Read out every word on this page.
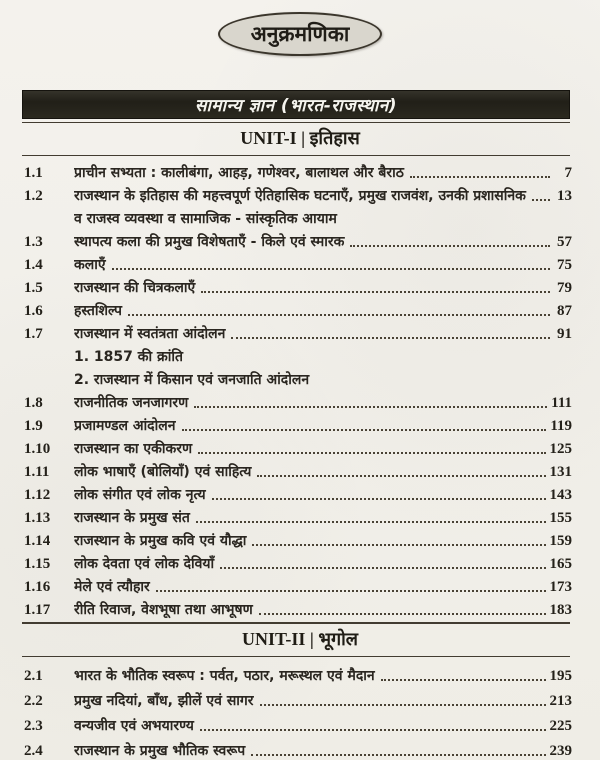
अनुक्रमणिका
सामान्य ज्ञान (भारत-राजस्थान)
UNIT-I | इतिहास
1.1	प्राचीन सभ्यता : कालीबंगा, आहड़, गणेश्वर, बालाथल और बैराठ	7
1.2	राजस्थान के इतिहास की महत्त्वपूर्ण ऐतिहासिक घटनाएँ, प्रमुख राजवंश, उनकी प्रशासनिक	13
व राजस्व व्यवस्था व सामाजिक - सांस्कृतिक आयाम
1.3	स्थापत्य कला की प्रमुख विशेषताएँ - किले एवं स्मारक	57
1.4	कलाएँ	75
1.5	राजस्थान की चित्रकलाएँ	79
1.6	हस्तशिल्प	87
1.7	राजस्थान में स्वतंत्रता आंदोलन	91
1. 1857 की क्रांति
2. राजस्थान में किसान एवं जनजाति आंदोलन
1.8	राजनीतिक जनजागरण	111
1.9	प्रजामण्डल आंदोलन	119
1.10	राजस्थान का एकीकरण	125
1.11	लोक भाषाएँ (बोलियाँ) एवं साहित्य	131
1.12	लोक संगीत एवं लोक नृत्य	143
1.13	राजस्थान के प्रमुख संत	155
1.14	राजस्थान के प्रमुख कवि एवं यौद्धा	159
1.15	लोक देवता एवं लोक देवियाँ	165
1.16	मेले एवं त्यौहार	173
1.17	रीति रिवाज, वेशभूषा तथा आभूषण	183
UNIT-II | भूगोल
2.1	भारत के भौतिक स्वरूप : पर्वत, पठार, मरूस्थल एवं मैदान	195
2.2	प्रमुख नदियां, बाँध, झीलें एवं सागर	213
2.3	वन्यजीव एवं अभयारण्य	225
2.4	राजस्थान के प्रमुख भौतिक स्वरूप	239
